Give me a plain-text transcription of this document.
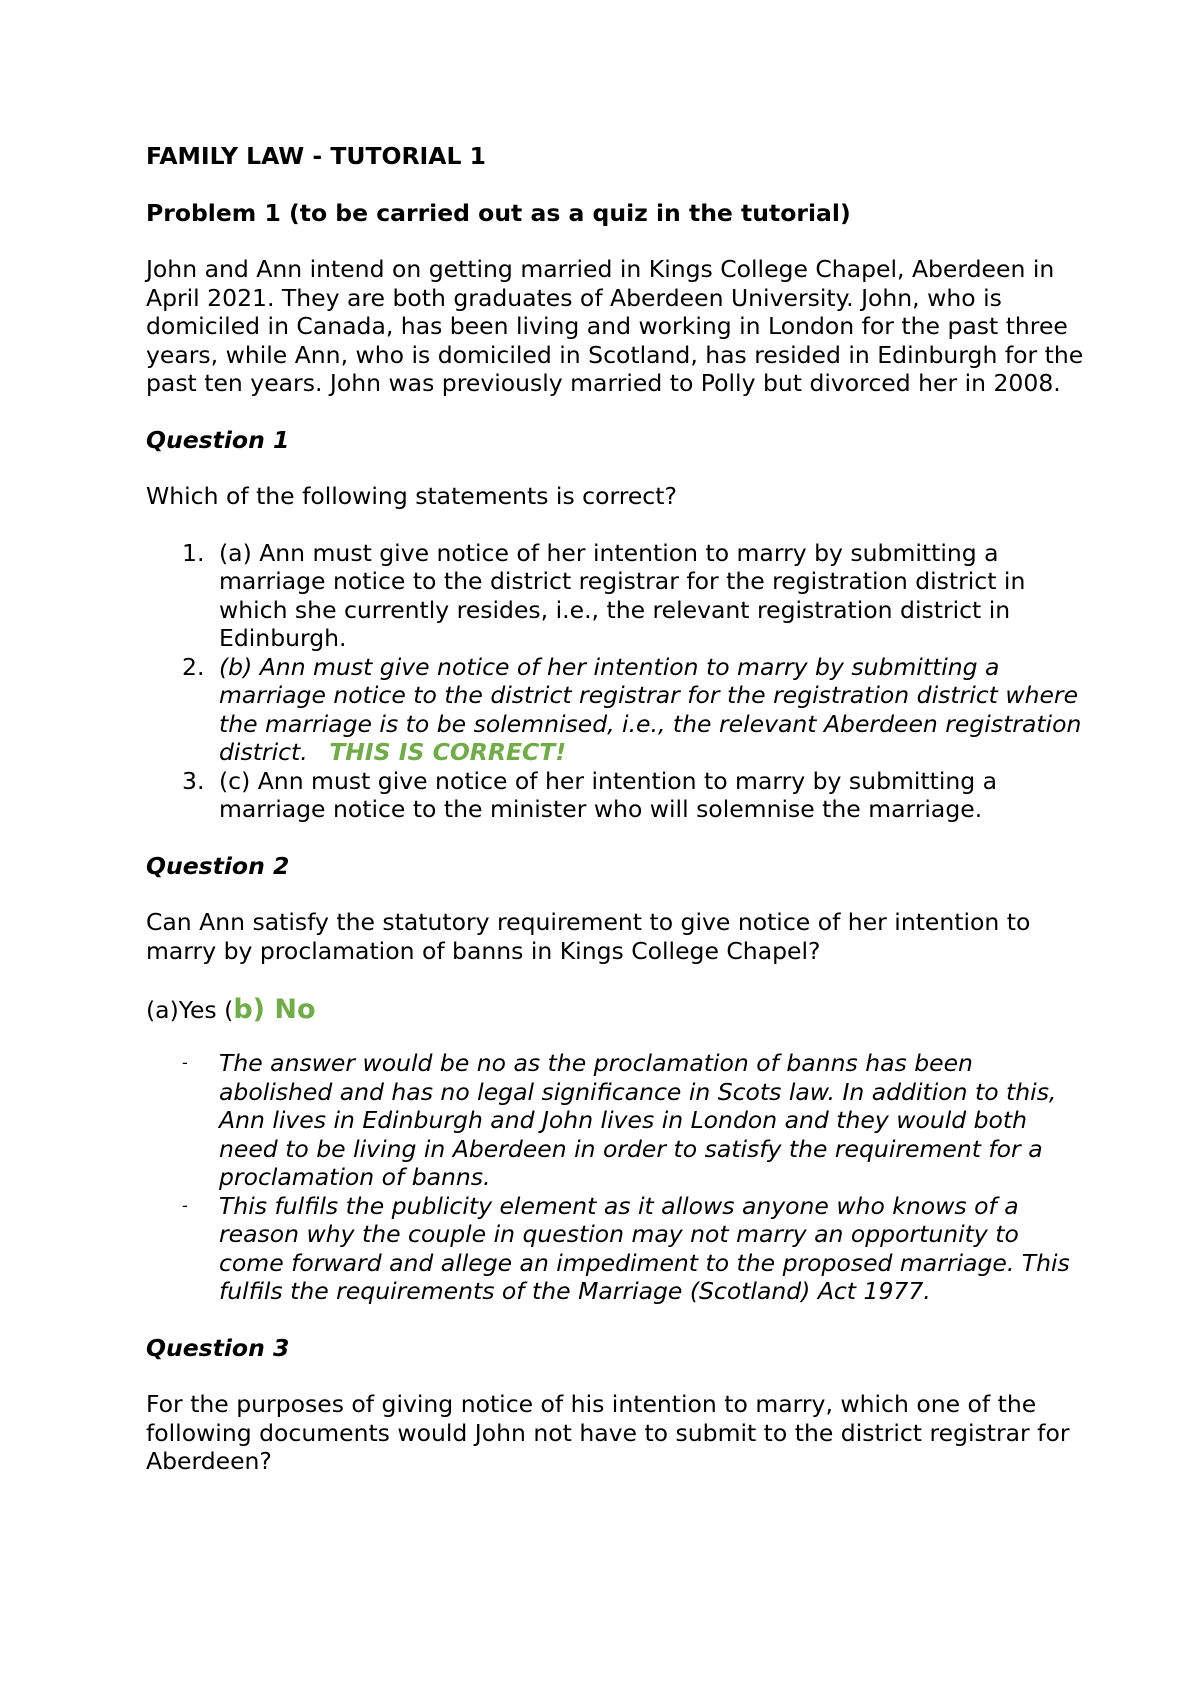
FAMILY LAW - TUTORIAL 1

Problem 1 (to be carried out as a quiz in the tutorial)

John and Ann intend on getting married in Kings College Chapel, Aberdeen in April 2021. They are both graduates of Aberdeen University. John, who is domiciled in Canada, has been living and working in London for the past three years, while Ann, who is domiciled in Scotland, has resided in Edinburgh for the past ten years. John was previously married to Polly but divorced her in 2008.

Question 1

Which of the following statements is correct?

1. (a) Ann must give notice of her intention to marry by submitting a marriage notice to the district registrar for the registration district in which she currently resides, i.e., the relevant registration district in Edinburgh.
2. (b) Ann must give notice of her intention to marry by submitting a marriage notice to the district registrar for the registration district where the marriage is to be solemnised, i.e., the relevant Aberdeen registration district. THIS IS CORRECT!
3. (c) Ann must give notice of her intention to marry by submitting a marriage notice to the minister who will solemnise the marriage.

Question 2

Can Ann satisfy the statutory requirement to give notice of her intention to marry by proclamation of banns in Kings College Chapel?

(a)Yes (b) No

- The answer would be no as the proclamation of banns has been abolished and has no legal significance in Scots law. In addition to this, Ann lives in Edinburgh and John lives in London and they would both need to be living in Aberdeen in order to satisfy the requirement for a proclamation of banns.
- This fulfils the publicity element as it allows anyone who knows of a reason why the couple in question may not marry an opportunity to come forward and allege an impediment to the proposed marriage. This fulfils the requirements of the Marriage (Scotland) Act 1977.

Question 3

For the purposes of giving notice of his intention to marry, which one of the following documents would John not have to submit to the district registrar for Aberdeen?
